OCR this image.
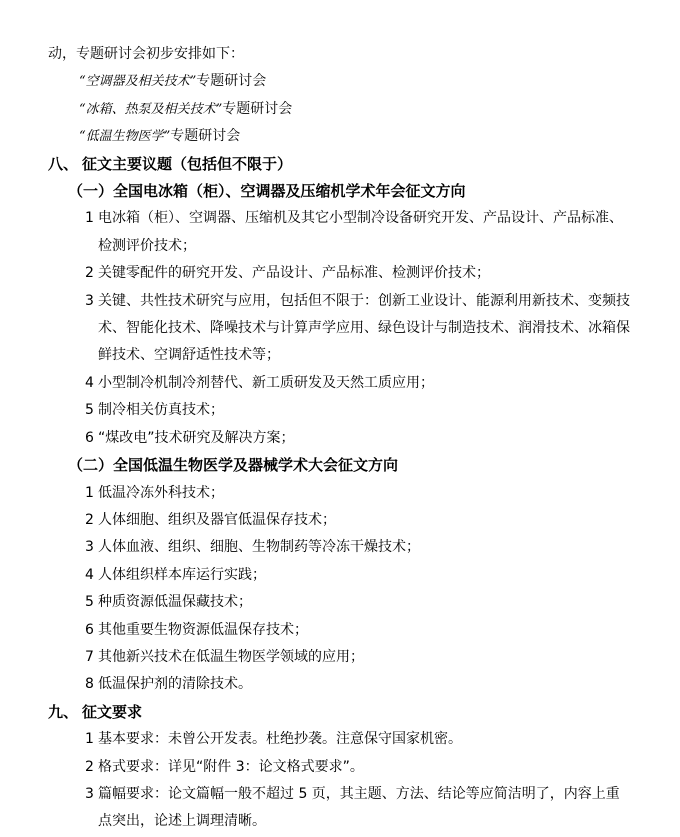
动，专题研讨会初步安排如下：

“空调器及相关技术”专题研讨会

“冰箱、热泵及相关技术”专题研讨会

“低温生物医学”专题研讨会

八、 征文主要议题（包括但不限于）

（一）全国电冰箱（柜）、空调器及压缩机学术年会征文方向

1 电冰箱（柜）、空调器、压缩机及其它小型制冷设备研究开发、产品设计、产品标准、检测评价技术；
2 关键零配件的研究开发、产品设计、产品标准、检测评价技术；
3 关键、共性技术研究与应用，包括但不限于：创新工业设计、能源利用新技术、变频技术、智能化技术、降噪技术与计算声学应用、绿色设计与制造技术、润滑技术、冰箱保鲜技术、空调舒适性技术等；
4 小型制冷机制冷剂替代、新工质研发及天然工质应用；
5 制冷相关仿真技术；
6 “煤改电”技术研究及解决方案；

（二）全国低温生物医学及器械学术大会征文方向

1 低温冷冻外科技术；
2 人体细胞、组织及器官低温保存技术；
3 人体血液、组织、细胞、生物制药等冷冻干燥技术；
4 人体组织样本库运行实践；
5 种质资源低温保藏技术；
6 其他重要生物资源低温保存技术；
7 其他新兴技术在低温生物医学领域的应用；
8 低温保护剂的清除技术。

九、 征文要求

1 基本要求：未曾公开发表。杜绝抄袭。注意保守国家机密。
2 格式要求：详见“附件 3：论文格式要求”。
3 篇幅要求：论文篇幅一般不超过 5 页，其主题、方法、结论等应简洁明了，内容上重点突出，论述上调理清晰。
